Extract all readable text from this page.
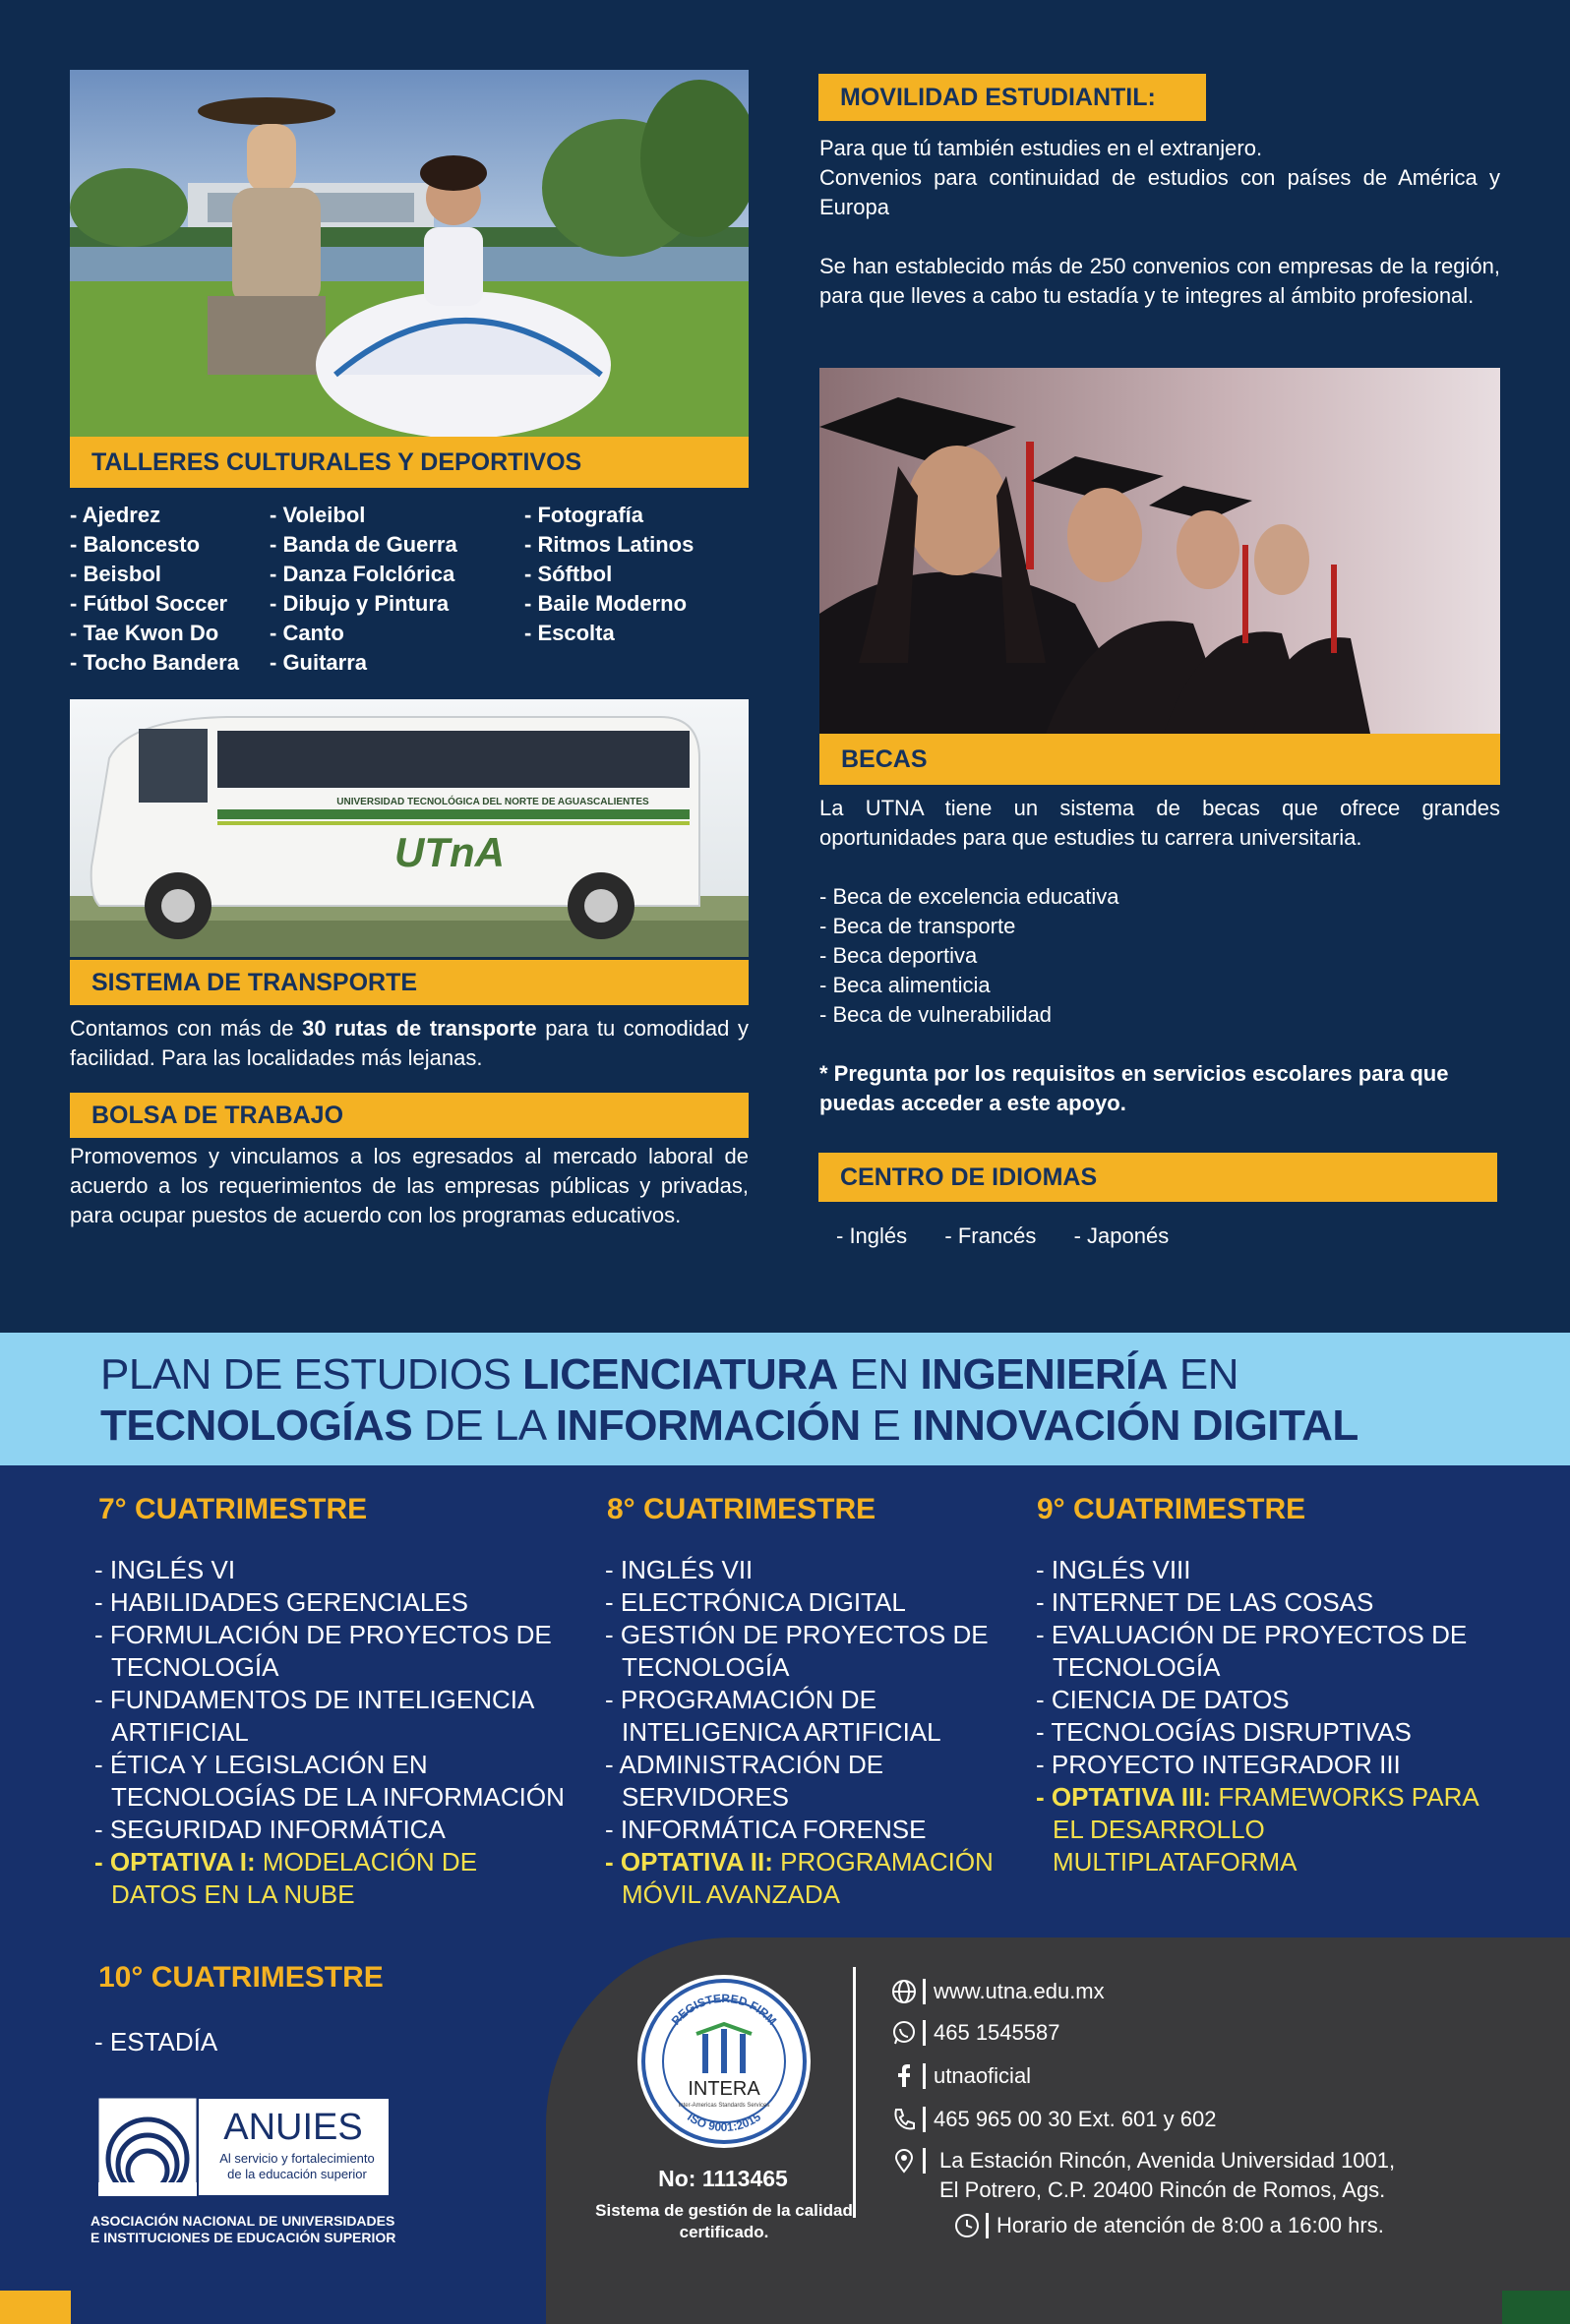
TALLERES CULTURALES Y DEPORTIVOS
- Ajedrez
- Baloncesto
- Beisbol
- Fútbol Soccer
- Tae Kwon Do
- Tocho Bandera
- Voleibol
- Banda de Guerra
- Danza Folclórica
- Dibujo y Pintura
- Canto
- Guitarra
- Fotografía
- Ritmos Latinos
- Sóftbol
- Baile Moderno
- Escolta
UNIVERSIDAD TECNOLÓGICA DEL NORTE DE AGUASCALIENTES
UTnA
SISTEMA DE TRANSPORTE
Contamos con más de 30 rutas de transporte para tu comodidad y facilidad. Para las localidades más lejanas.
BOLSA DE TRABAJO
Promovemos y vinculamos a los egresados al mercado laboral de acuerdo a los requerimientos de las empresas públicas y privadas, para ocupar puestos de acuerdo con los programas educativos.
MOVILIDAD ESTUDIANTIL:
Para que tú también estudies en el extranjero.
Convenios para continuidad de estudios con países de América y Europa
Se han establecido más de 250 convenios con empresas de la región, para que lleves a cabo tu estadía y te integres al ámbito profesional.
BECAS
La UTNA tiene un sistema de becas que ofrece grandes oportunidades para que estudies tu carrera universitaria.
- Beca de excelencia educativa
- Beca de transporte
- Beca deportiva
- Beca alimenticia
- Beca de vulnerabilidad
* Pregunta por los requisitos en servicios escolares para que puedas acceder a este apoyo.
CENTRO DE IDIOMAS
- Inglés - Francés - Japonés
PLAN DE ESTUDIOS LICENCIATURA EN INGENIERÍA EN
TECNOLOGÍAS DE LA INFORMACIÓN E INNOVACIÓN DIGITAL
7° CUATRIMESTRE
- INGLÉS VI
- HABILIDADES GERENCIALES
- FORMULACIÓN DE PROYECTOS DE TECNOLOGÍA
- FUNDAMENTOS DE INTELIGENCIA ARTIFICIAL
- ÉTICA Y LEGISLACIÓN EN TECNOLOGÍAS DE LA INFORMACIÓN
- SEGURIDAD INFORMÁTICA
- OPTATIVA I: MODELACIÓN DE DATOS EN LA NUBE
8° CUATRIMESTRE
- INGLÉS VII
- ELECTRÓNICA DIGITAL
- GESTIÓN DE PROYECTOS DE TECNOLOGÍA
- PROGRAMACIÓN DE INTELIGENICA ARTIFICIAL
- ADMINISTRACIÓN DE SERVIDORES
- INFORMÁTICA FORENSE
- OPTATIVA II: PROGRAMACIÓN MÓVIL AVANZADA
9° CUATRIMESTRE
- INGLÉS VIII
- INTERNET DE LAS COSAS
- EVALUACIÓN DE PROYECTOS DE TECNOLOGÍA
- CIENCIA DE DATOS
- TECNOLOGÍAS DISRUPTIVAS
- PROYECTO INTEGRADOR III
- OPTATIVA III: FRAMEWORKS PARA EL DESARROLLO MULTIPLATAFORMA
10° CUATRIMESTRE
- ESTADÍA
ANUIES
Al servicio y fortalecimiento de la educación superior
ASOCIACIÓN NACIONAL DE UNIVERSIDADES E INSTITUCIONES DE EDUCACIÓN SUPERIOR
REGISTERED FIRM
ISO 9001:2015
INTERA
Inter-Americas Standards Services
No: 1113465
Sistema de gestión de la calidad certificado.
www.utna.edu.mx
465 1545587
utnaoficial
465 965 00 30 Ext. 601 y 602
La Estación Rincón, Avenida Universidad 1001,
El Potrero, C.P. 20400 Rincón de Romos, Ags.
Horario de atención de 8:00 a 16:00 hrs.
